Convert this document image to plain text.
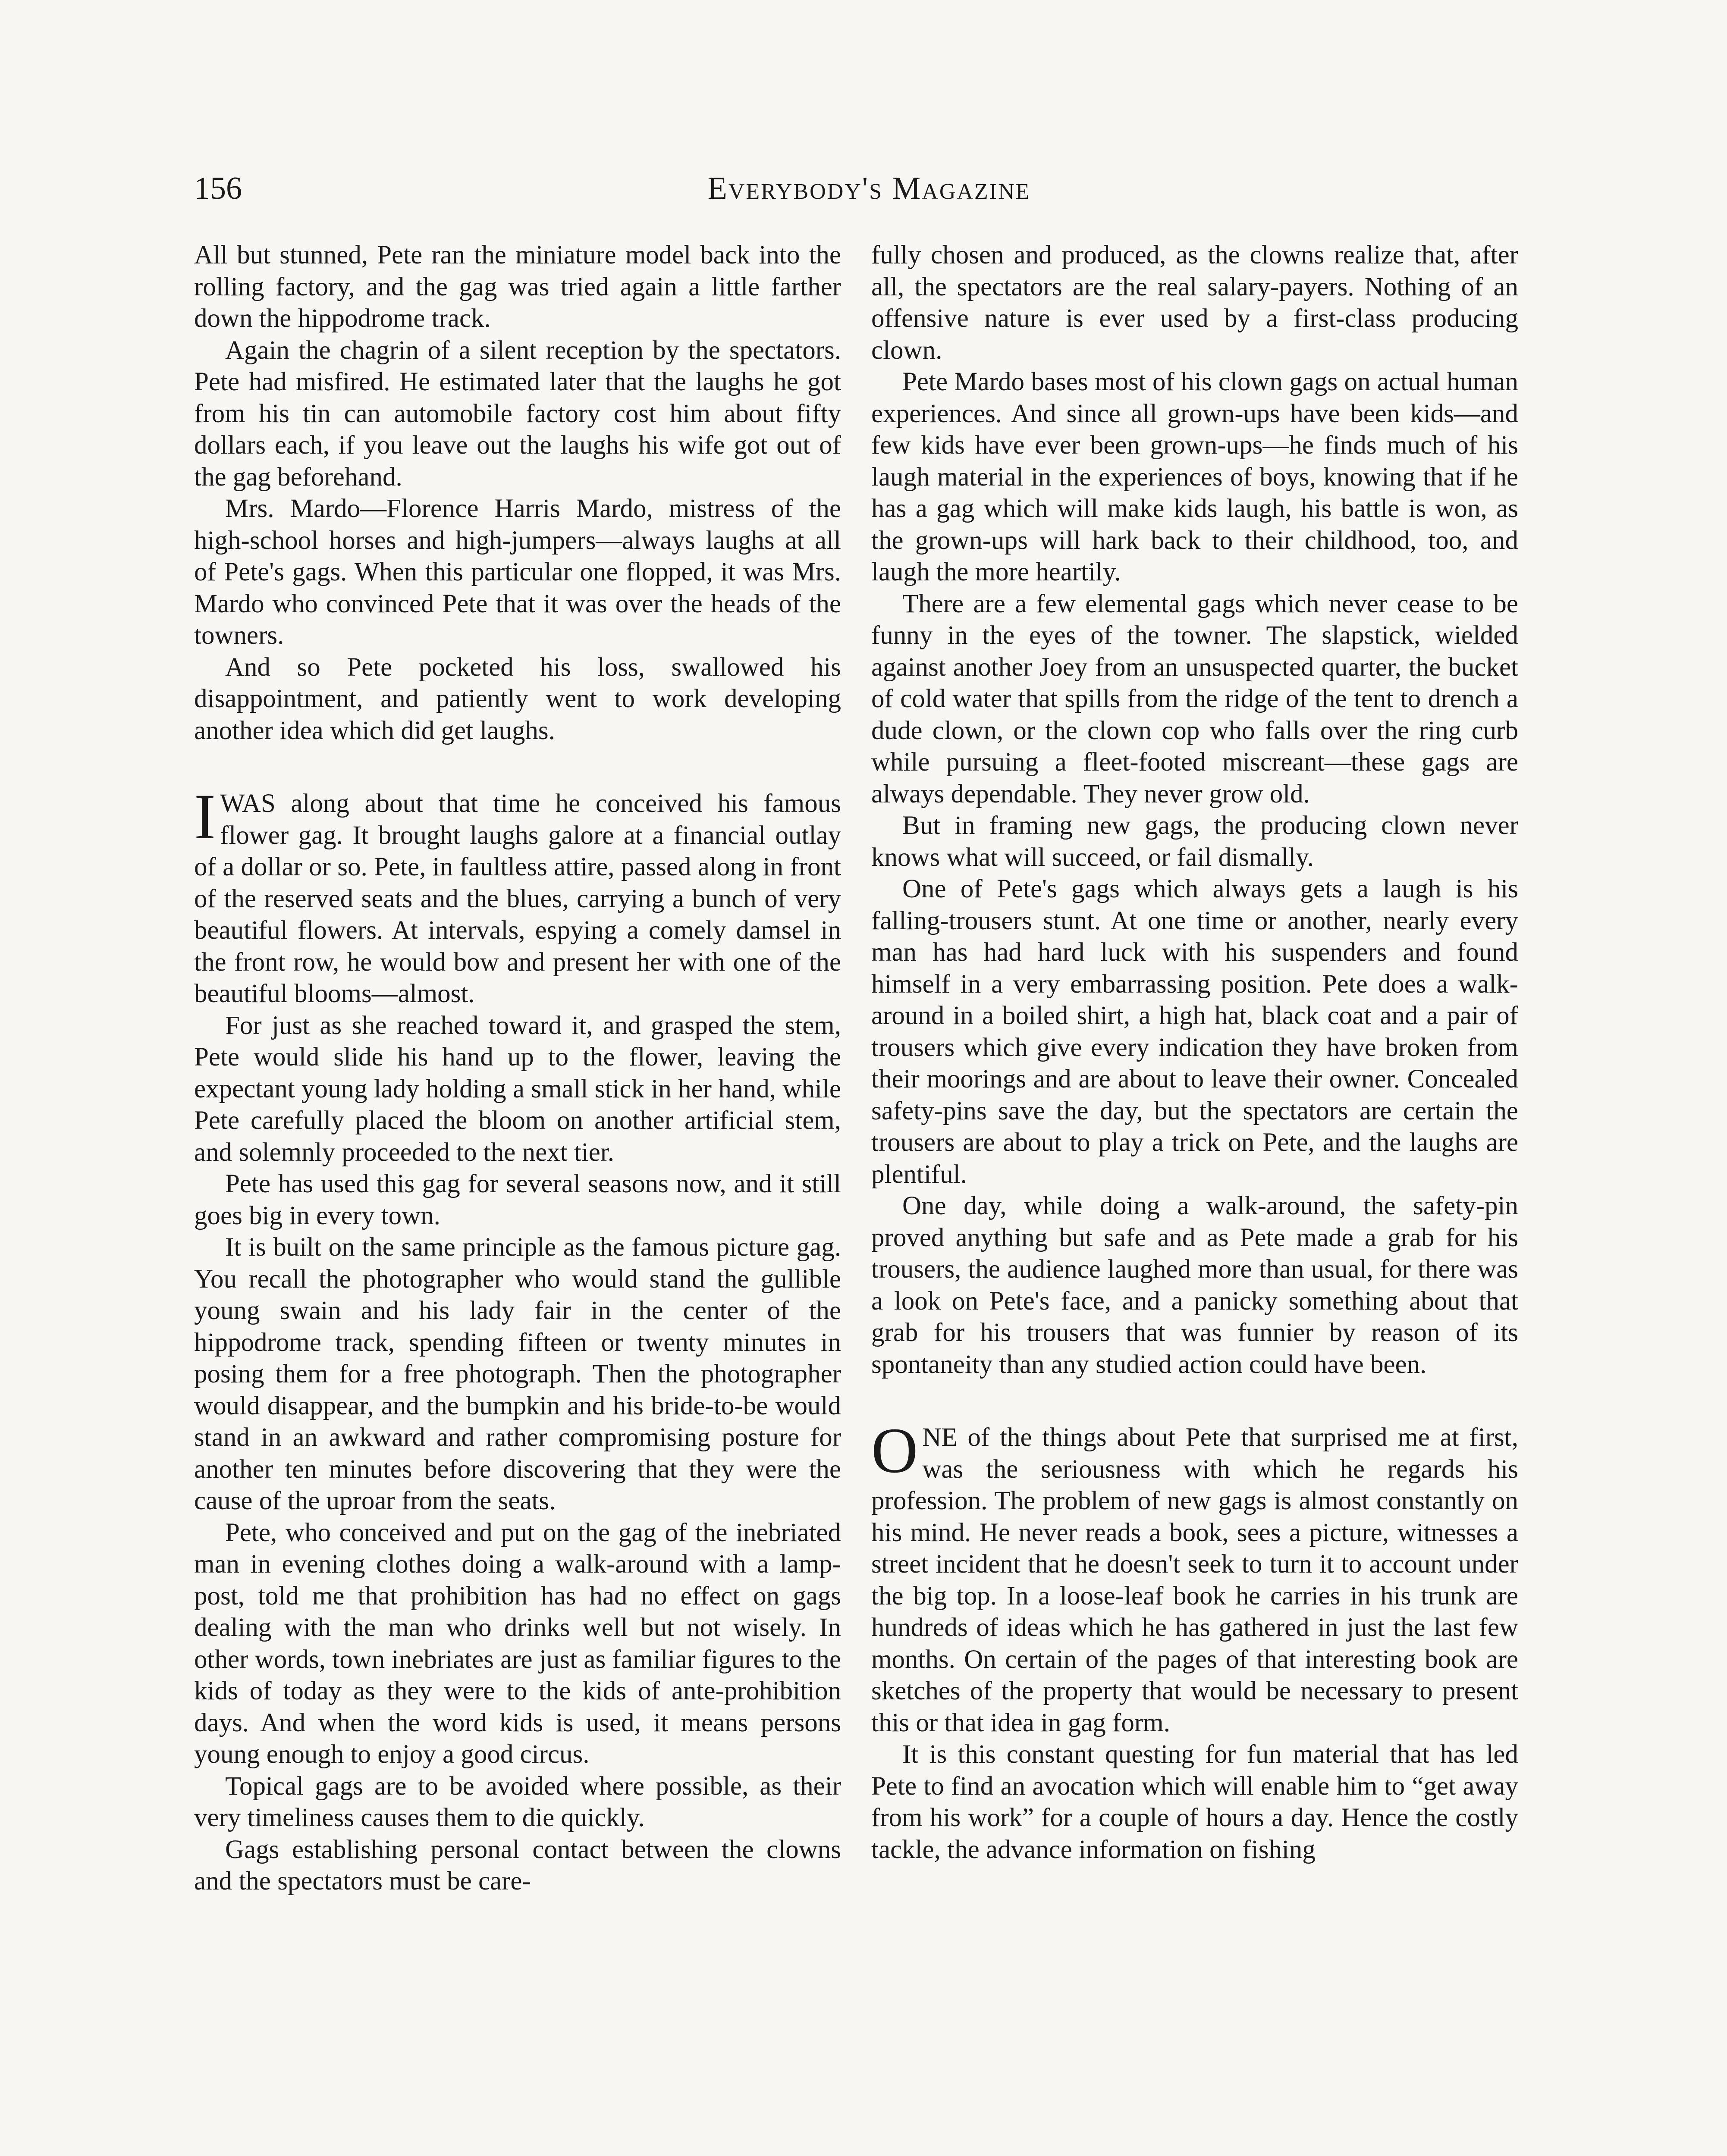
156	Everybody's Magazine

All but stunned, Pete ran the miniature model back into the rolling factory, and the gag was tried again a little farther down the hippodrome track.

Again the chagrin of a silent reception by the spectators. Pete had misfired. He estimated later that the laughs he got from his tin can automobile factory cost him about fifty dollars each, if you leave out the laughs his wife got out of the gag beforehand.

Mrs. Mardo—Florence Harris Mardo, mistress of the high-school horses and high-jumpers—always laughs at all of Pete's gags. When this particular one flopped, it was Mrs. Mardo who convinced Pete that it was over the heads of the towners.

And so Pete pocketed his loss, swallowed his disappointment, and patiently went to work developing another idea which did get laughs.

IWAS along about that time he conceived his famous flower gag. It brought laughs galore at a financial outlay of a dollar or so. Pete, in faultless attire, passed along in front of the reserved seats and the blues, carrying a bunch of very beautiful flowers. At intervals, espying a comely damsel in the front row, he would bow and present her with one of the beautiful blooms—almost.

For just as she reached toward it, and grasped the stem, Pete would slide his hand up to the flower, leaving the expectant young lady holding a small stick in her hand, while Pete carefully placed the bloom on another artificial stem, and solemnly proceeded to the next tier.

Pete has used this gag for several seasons now, and it still goes big in every town.

It is built on the same principle as the famous picture gag. You recall the photographer who would stand the gullible young swain and his lady fair in the center of the hippodrome track, spending fifteen or twenty minutes in posing them for a free photograph. Then the photographer would disappear, and the bumpkin and his bride-to-be would stand in an awkward and rather compromising posture for another ten minutes before discovering that they were the cause of the uproar from the seats.

Pete, who conceived and put on the gag of the inebriated man in evening clothes doing a walk-around with a lamp-post, told me that prohibition has had no effect on gags dealing with the man who drinks well but not wisely. In other words, town inebriates are just as familiar figures to the kids of today as they were to the kids of ante-prohibition days. And when the word kids is used, it means persons young enough to enjoy a good circus.

Topical gags are to be avoided where possible, as their very timeliness causes them to die quickly.

Gags establishing personal contact between the clowns and the spectators must be care-

fully chosen and produced, as the clowns realize that, after all, the spectators are the real salary-payers. Nothing of an offensive nature is ever used by a first-class producing clown.

Pete Mardo bases most of his clown gags on actual human experiences. And since all grown-ups have been kids—and few kids have ever been grown-ups—he finds much of his laugh material in the experiences of boys, knowing that if he has a gag which will make kids laugh, his battle is won, as the grown-ups will hark back to their childhood, too, and laugh the more heartily.

There are a few elemental gags which never cease to be funny in the eyes of the towner. The slapstick, wielded against another Joey from an unsuspected quarter, the bucket of cold water that spills from the ridge of the tent to drench a dude clown, or the clown cop who falls over the ring curb while pursuing a fleet-footed miscreant—these gags are always dependable. They never grow old.

But in framing new gags, the producing clown never knows what will succeed, or fail dismally.

One of Pete's gags which always gets a laugh is his falling-trousers stunt. At one time or another, nearly every man has had hard luck with his suspenders and found himself in a very embarrassing position. Pete does a walk-around in a boiled shirt, a high hat, black coat and a pair of trousers which give every indication they have broken from their moorings and are about to leave their owner. Concealed safety-pins save the day, but the spectators are certain the trousers are about to play a trick on Pete, and the laughs are plentiful.

One day, while doing a walk-around, the safety-pin proved anything but safe and as Pete made a grab for his trousers, the audience laughed more than usual, for there was a look on Pete's face, and a panicky something about that grab for his trousers that was funnier by reason of its spontaneity than any studied action could have been.

ONE of the things about Pete that surprised me at first, was the seriousness with which he regards his profession. The problem of new gags is almost constantly on his mind. He never reads a book, sees a picture, witnesses a street incident that he doesn't seek to turn it to account under the big top. In a loose-leaf book he carries in his trunk are hundreds of ideas which he has gathered in just the last few months. On certain of the pages of that interesting book are sketches of the property that would be necessary to present this or that idea in gag form.

It is this constant questing for fun material that has led Pete to find an avocation which will enable him to “get away from his work” for a couple of hours a day. Hence the costly tackle, the advance information on fishing
